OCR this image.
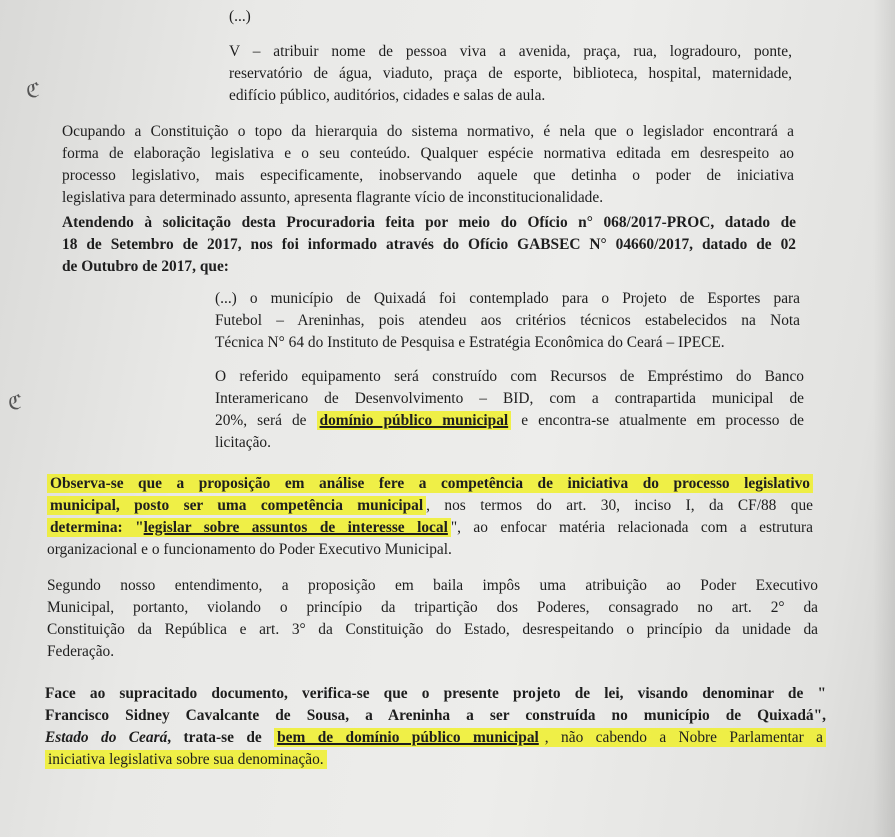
(...)

V – atribuir nome de pessoa viva a avenida, praça, rua, logradouro, ponte,
reservatório de água, viaduto, praça de esporte, biblioteca, hospital, maternidade,
edifício público, auditórios, cidades e salas de aula.

Ocupando a Constituição o topo da hierarquia do sistema normativo, é nela que o legislador encontrará a
forma de elaboração legislativa e o seu conteúdo. Qualquer espécie normativa editada em desrespeito ao
processo legislativo, mais especificamente, inobservando aquele que detinha o poder de iniciativa
legislativa para determinado assunto, apresenta flagrante vício de inconstitucionalidade.

Atendendo à solicitação desta Procuradoria feita por meio do Ofício n° 068/2017-PROC, datado de
18 de Setembro de 2017, nos foi informado através do Ofício GABSEC N° 04660/2017, datado de 02
de Outubro de 2017, que:

(...) o município de Quixadá foi contemplado para o Projeto de Esportes para
Futebol – Areninhas, pois atendeu aos critérios técnicos estabelecidos na Nota
Técnica N° 64 do Instituto de Pesquisa e Estratégia Econômica do Ceará – IPECE.

O referido equipamento será construído com Recursos de Empréstimo do Banco
Interamericano de Desenvolvimento – BID, com a contrapartida municipal de
20%, será de domínio público municipal e encontra-se atualmente em processo de
licitação.

Observa-se que a proposição em análise fere a competência de iniciativa do processo legislativo
municipal, posto ser uma competência municipal , nos termos do art. 30, inciso I, da CF/88 que
determina: "legislar sobre assuntos de interesse local ", ao enfocar matéria relacionada com a estrutura
organizacional e o funcionamento do Poder Executivo Municipal.

Segundo nosso entendimento, a proposição em baila impôs uma atribuição ao Poder Executivo
Municipal, portanto, violando o princípio da tripartição dos Poderes, consagrado no art. 2° da
Constituição da República e art. 3° da Constituição do Estado, desrespeitando o princípio da unidade da
Federação.

Face ao supracitado documento, verifica-se que o presente projeto de lei, visando denominar de "
Francisco Sidney Cavalcante de Sousa, a Areninha a ser construída no município de Quixadá",
Estado do Ceará, trata-se de bem de domínio público municipal , não cabendo a Nobre Parlamentar a
iniciativa legislativa sobre sua denominação.

ℭ
ℭ
